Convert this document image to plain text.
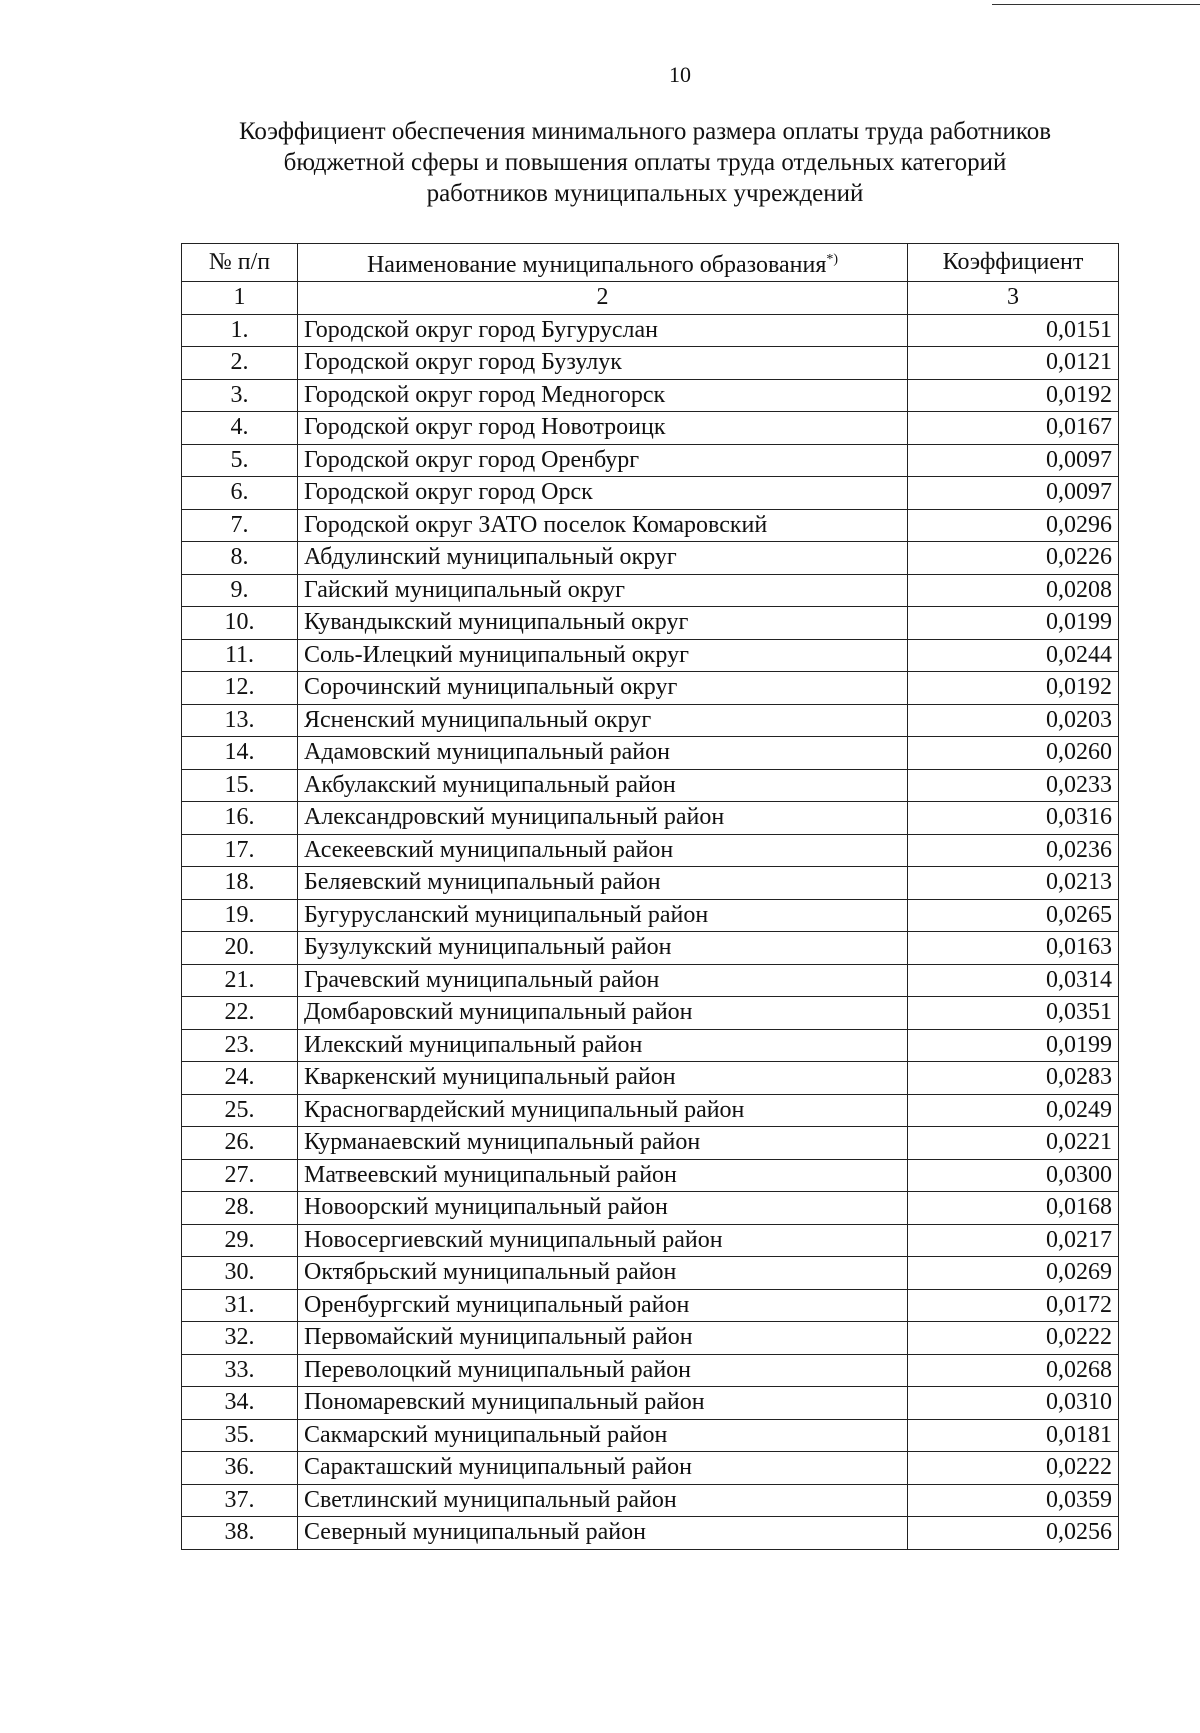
10
Коэффициент обеспечения минимального размера оплаты труда работников
бюджетной сферы и повышения оплаты труда отдельных категорий
работников муниципальных учреждений
№ п/п	Наименование муниципального образования*)	Коэффициент
1	2	3
1.	Городской округ город Бугуруслан	0,0151
2.	Городской округ город Бузулук	0,0121
3.	Городской округ город Медногорск	0,0192
4.	Городской округ город Новотроицк	0,0167
5.	Городской округ город Оренбург	0,0097
6.	Городской округ город Орск	0,0097
7.	Городской округ ЗАТО поселок Комаровский	0,0296
8.	Абдулинский муниципальный округ	0,0226
9.	Гайский муниципальный округ	0,0208
10.	Кувандыкский муниципальный округ	0,0199
11.	Соль-Илецкий муниципальный округ	0,0244
12.	Сорочинский муниципальный округ	0,0192
13.	Ясненский муниципальный округ	0,0203
14.	Адамовский муниципальный район	0,0260
15.	Акбулакский муниципальный район	0,0233
16.	Александровский муниципальный район	0,0316
17.	Асекеевский муниципальный район	0,0236
18.	Беляевский муниципальный район	0,0213
19.	Бугурусланский муниципальный район	0,0265
20.	Бузулукский муниципальный район	0,0163
21.	Грачевский муниципальный район	0,0314
22.	Домбаровский муниципальный район	0,0351
23.	Илекский муниципальный район	0,0199
24.	Кваркенский муниципальный район	0,0283
25.	Красногвардейский муниципальный район	0,0249
26.	Курманаевский муниципальный район	0,0221
27.	Матвеевский муниципальный район	0,0300
28.	Новоорский муниципальный район	0,0168
29.	Новосергиевский муниципальный район	0,0217
30.	Октябрьский муниципальный район	0,0269
31.	Оренбургский муниципальный район	0,0172
32.	Первомайский муниципальный район	0,0222
33.	Переволоцкий муниципальный район	0,0268
34.	Пономаревский муниципальный район	0,0310
35.	Сакмарский муниципальный район	0,0181
36.	Саракташский муниципальный район	0,0222
37.	Светлинский муниципальный район	0,0359
38.	Северный муниципальный район	0,0256
